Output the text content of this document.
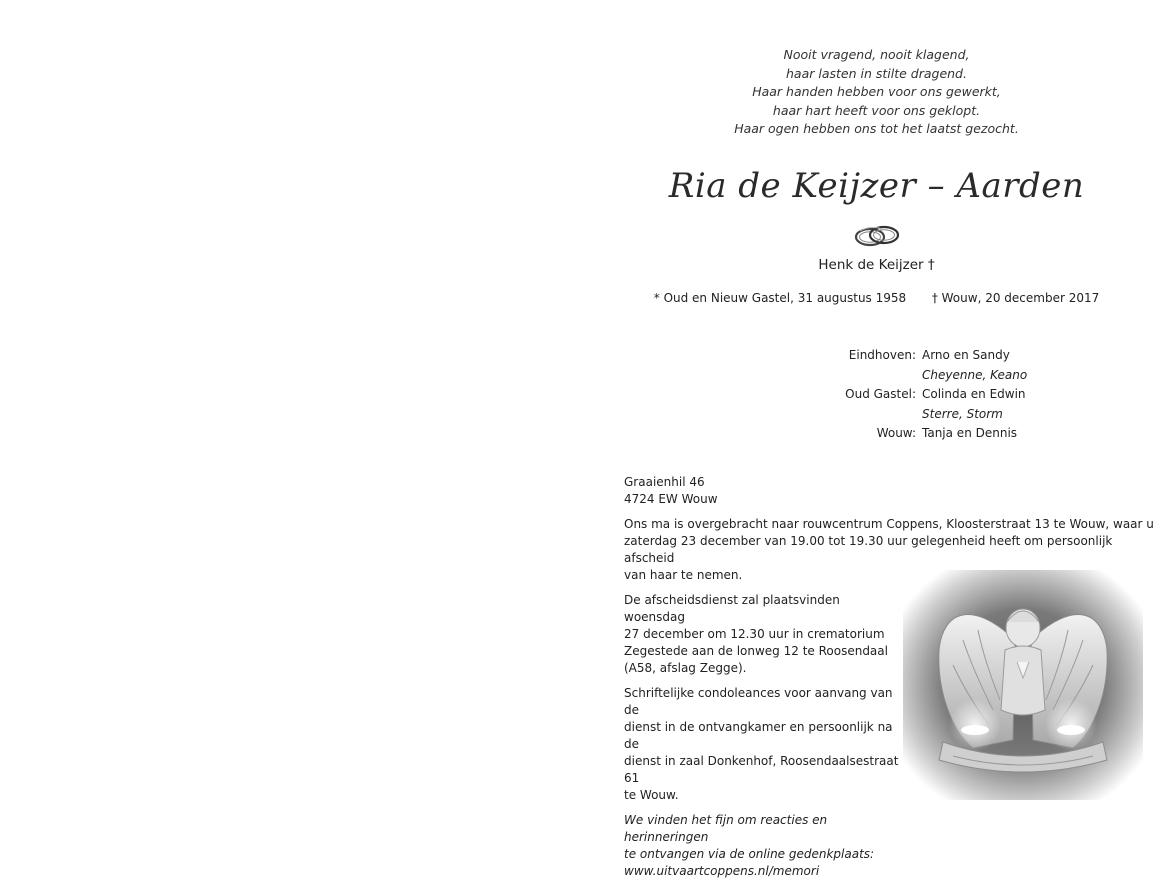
Nooit vragend, nooit klagend,
haar lasten in stilte dragend.
Haar handen hebben voor ons gewerkt,
haar hart heeft voor ons geklopt.
Haar ogen hebben ons tot het laatst gezocht.
Ria de Keijzer – Aarden
Henk de Keijzer †
* Oud en Nieuw Gastel, 31 augustus 1958 † Wouw, 20 december 2017
Eindhoven: Arno en Sandy
Cheyenne, Keano
Oud Gastel: Colinda en Edwin
Sterre, Storm
Wouw: Tanja en Dennis

Graaienhil 46
4724 EW Wouw

Ons ma is overgebracht naar rouwcentrum Coppens, Kloosterstraat 13 te Wouw, waar u
zaterdag 23 december van 19.00 tot 19.30 uur gelegenheid heeft om persoonlijk afscheid
van haar te nemen.

De afscheidsdienst zal plaatsvinden woensdag
27 december om 12.30 uur in crematorium
Zegestede aan de lonweg 12 te Roosendaal
(A58, afslag Zegge).

Schriftelijke condoleances voor aanvang van de
dienst in de ontvangkamer en persoonlijk na de
dienst in zaal Donkenhof, Roosendaalsestraat 61
te Wouw.

We vinden het fijn om reacties en herinneringen
te ontvangen via de online gedenkplaats:
www.uitvaartcoppens.nl/memori
